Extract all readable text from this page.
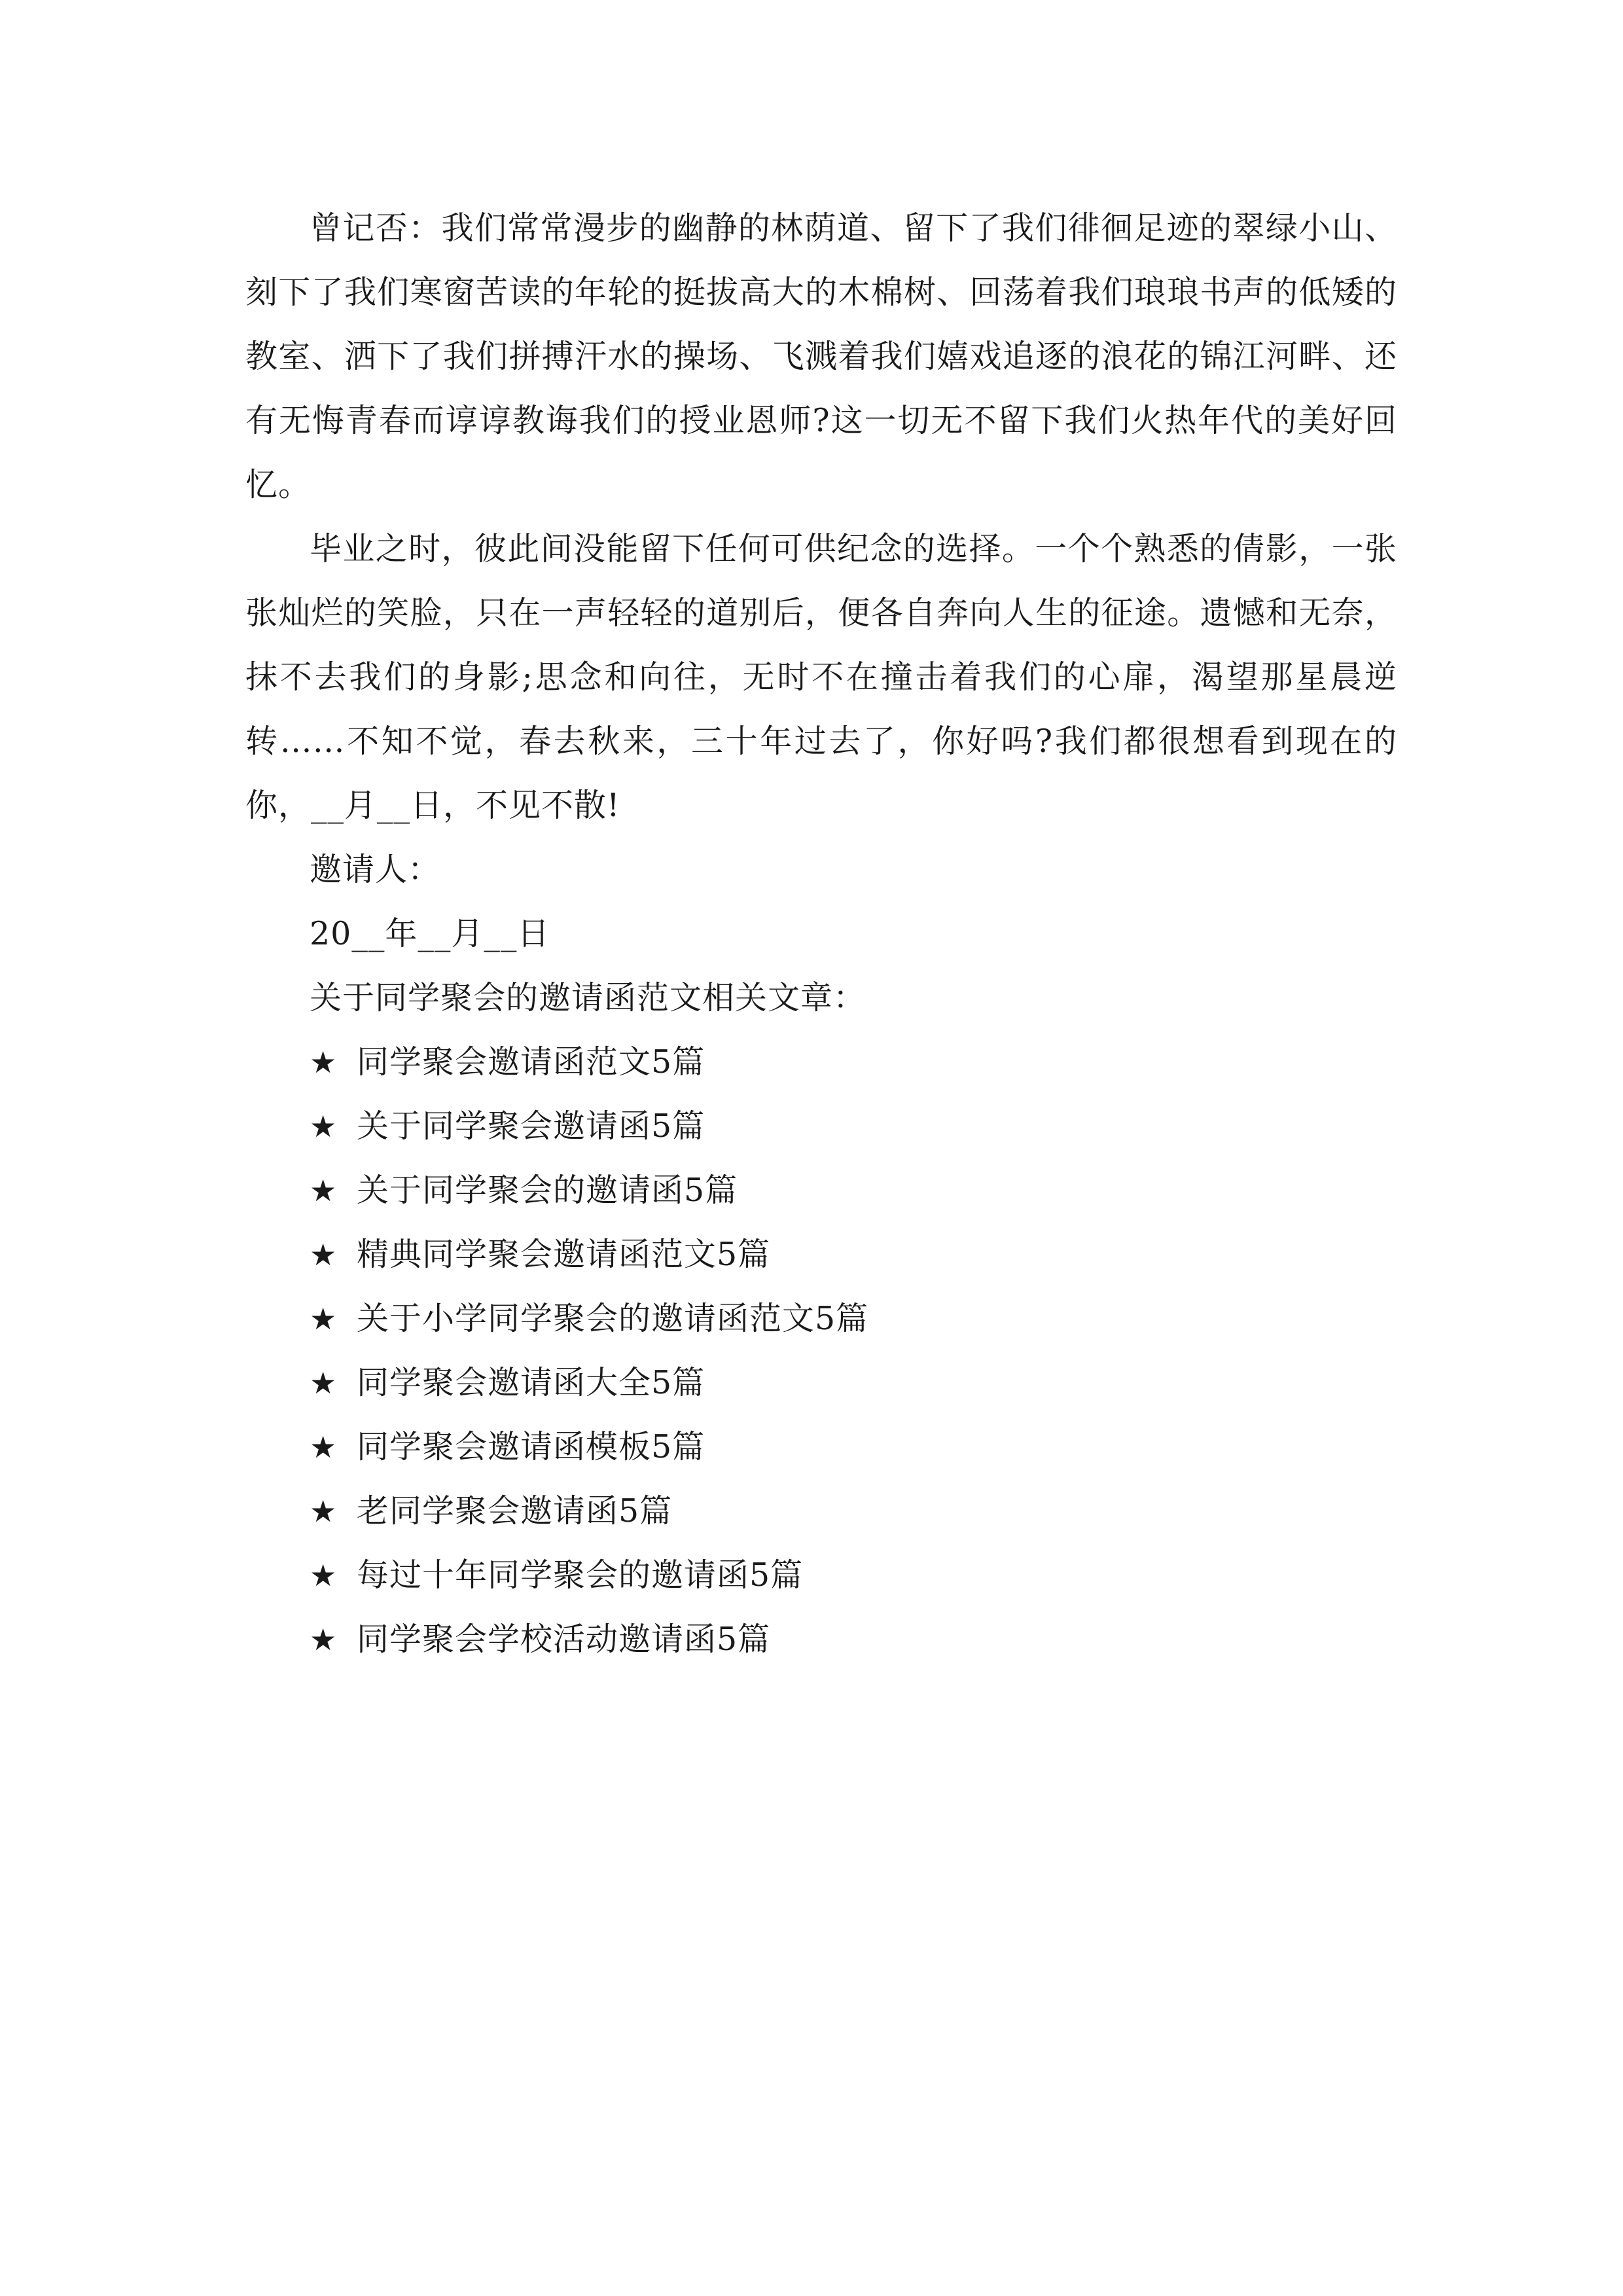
曾记否：我们常常漫步的幽静的林荫道、留下了我们徘徊足迹的翠绿小山、刻下了我们寒窗苦读的年轮的挺拔高大的木棉树、回荡着我们琅琅书声的低矮的教室、洒下了我们拼搏汗水的操场、飞溅着我们嬉戏追逐的浪花的锦江河畔、还有无悔青春而谆谆教诲我们的授业恩师?这一切无不留下我们火热年代的美好回忆。

毕业之时，彼此间没能留下任何可供纪念的选择。一个个熟悉的倩影，一张张灿烂的笑脸，只在一声轻轻的道别后，便各自奔向人生的征途。遗憾和无奈，抹不去我们的身影;思念和向往，无时不在撞击着我们的心扉，渴望那星晨逆转……不知不觉，春去秋来，三十年过去了，你好吗?我们都很想看到现在的你，__月__日，不见不散!

邀请人：

20__年__月__日

关于同学聚会的邀请函范文相关文章：

★ 同学聚会邀请函范文5篇
★ 关于同学聚会邀请函5篇
★ 关于同学聚会的邀请函5篇
★ 精典同学聚会邀请函范文5篇
★ 关于小学同学聚会的邀请函范文5篇
★ 同学聚会邀请函大全5篇
★ 同学聚会邀请函模板5篇
★ 老同学聚会邀请函5篇
★ 每过十年同学聚会的邀请函5篇
★ 同学聚会学校活动邀请函5篇
